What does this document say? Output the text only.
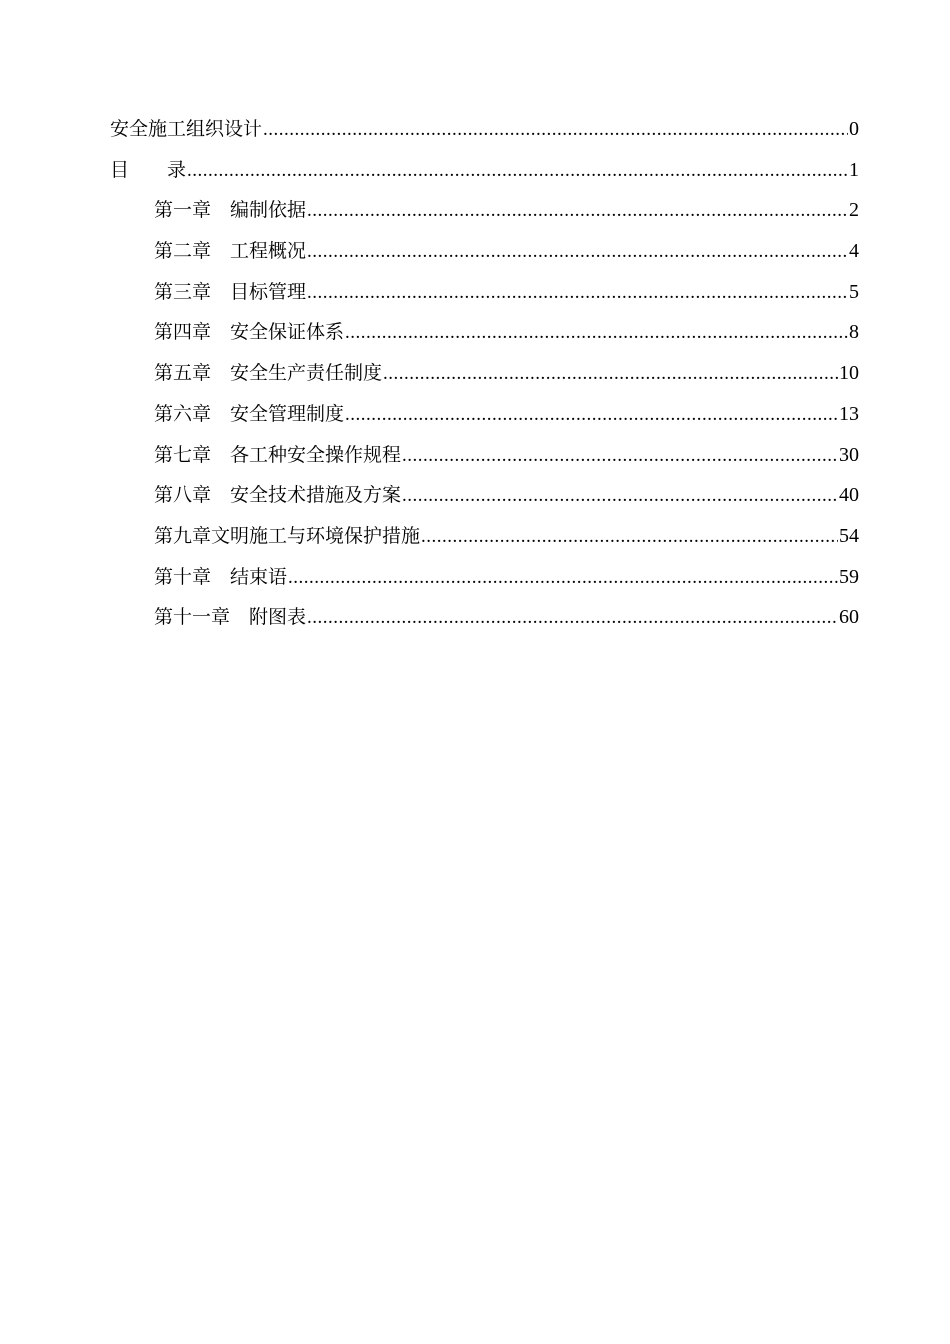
安全施工组织设计 .....	0
目　　录 .....	1
第一章　编制依据 .....	2
第二章　工程概况 .....	4
第三章　目标管理 .....	5
第四章　安全保证体系 .....	8
第五章　安全生产责任制度 .....	10
第六章　安全管理制度 .....	13
第七章　各工种安全操作规程 .....	30
第八章　安全技术措施及方案 .....	40
第九章文明施工与环境保护措施 .....	54
第十章　结束语 .....	59
第十一章　附图表 .....	60
